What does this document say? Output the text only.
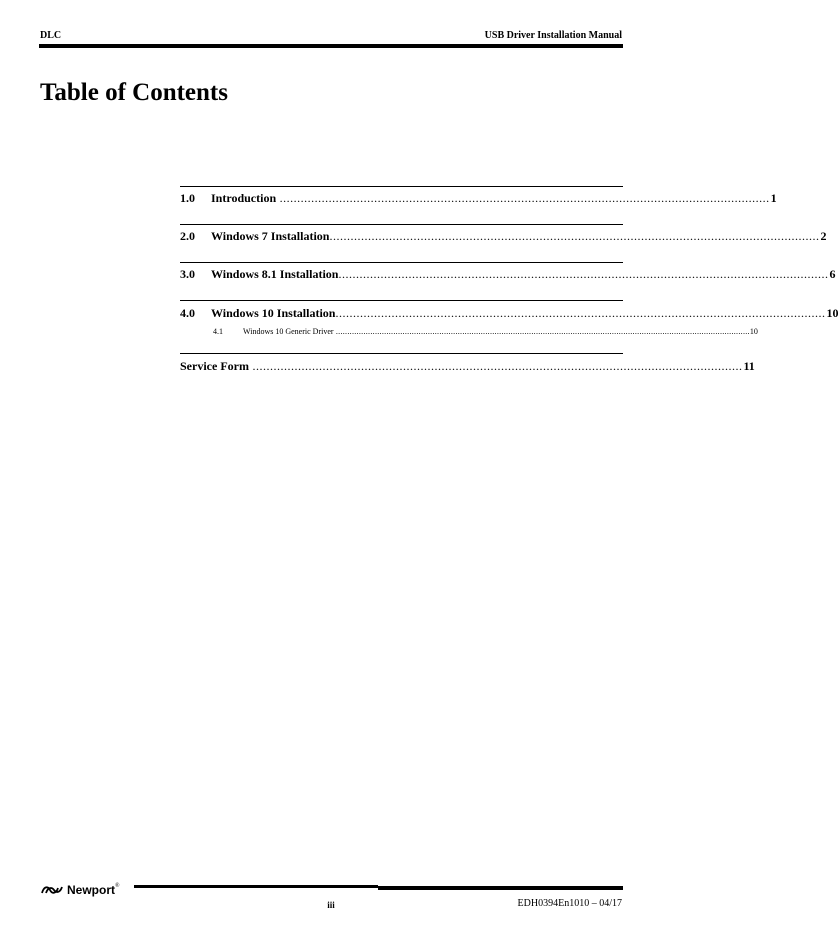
DLC	USB Driver Installation Manual
Table of Contents
1.0	Introduction ............................................................................................................................................ 1
2.0	Windows 7 Installation ............................................................................................................................................ 2
3.0	Windows 8.1 Installation ............................................................................................................................................ 6
4.0	Windows 10 Installation ............................................................................................................................................ 10
4.1	Windows 10 Generic Driver .................................................................................................................................................................................... 10
Service Form ............................................................................................................................................ 11
Newport ®
iii	EDH0394En1010 – 04/17
